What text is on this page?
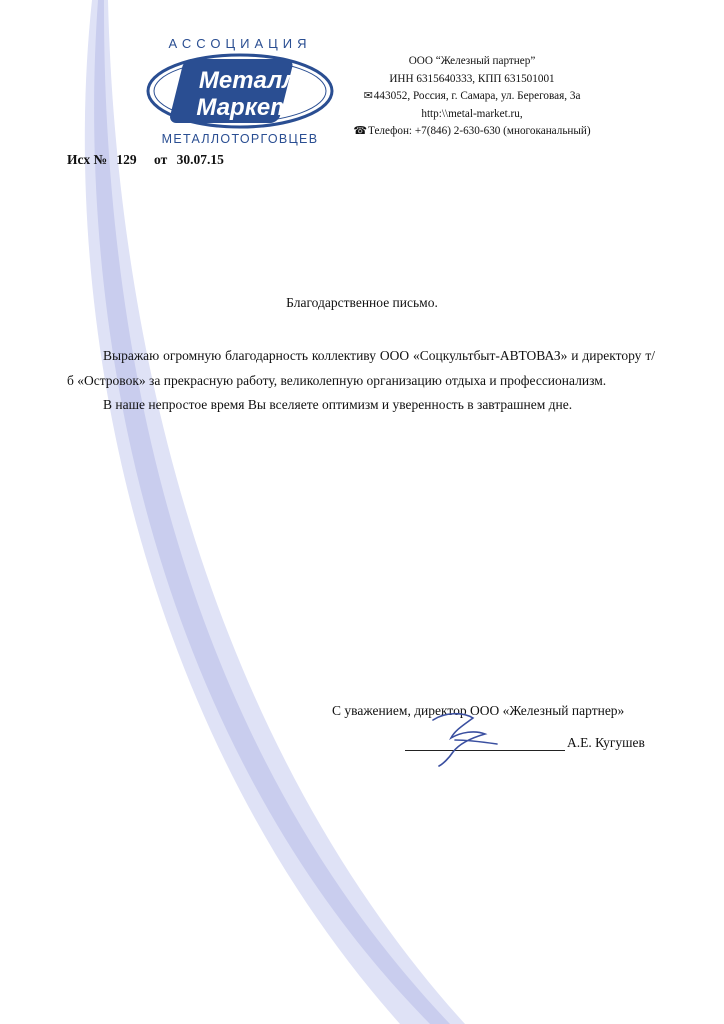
АССОЦИАЦИЯ
Металл
Маркет
МЕТАЛЛОТОРГОВЦЕВ
ООО “Железный партнер”
ИНН 6315640333, КПП 631501001
✉443052, Россия, г. Самара, ул. Береговая, 3а
http:\\metal-market.ru,
☎Телефон: +7(846) 2-630-630 (многоканальный)
Исх № 129 от 30.07.15
Благодарственное письмо.

Выражаю огромную благодарность коллективу ООО «Соцкультбыт-АВТОВАЗ» и директору т/б «Островок» за прекрасную работу, великолепную организацию отдыха и профессионализм.

В наше непростое время Вы вселяете оптимизм и уверенность в завтрашнем дне.

С уважением, директор ООО «Железный партнер»
А.Е. Кугушев
